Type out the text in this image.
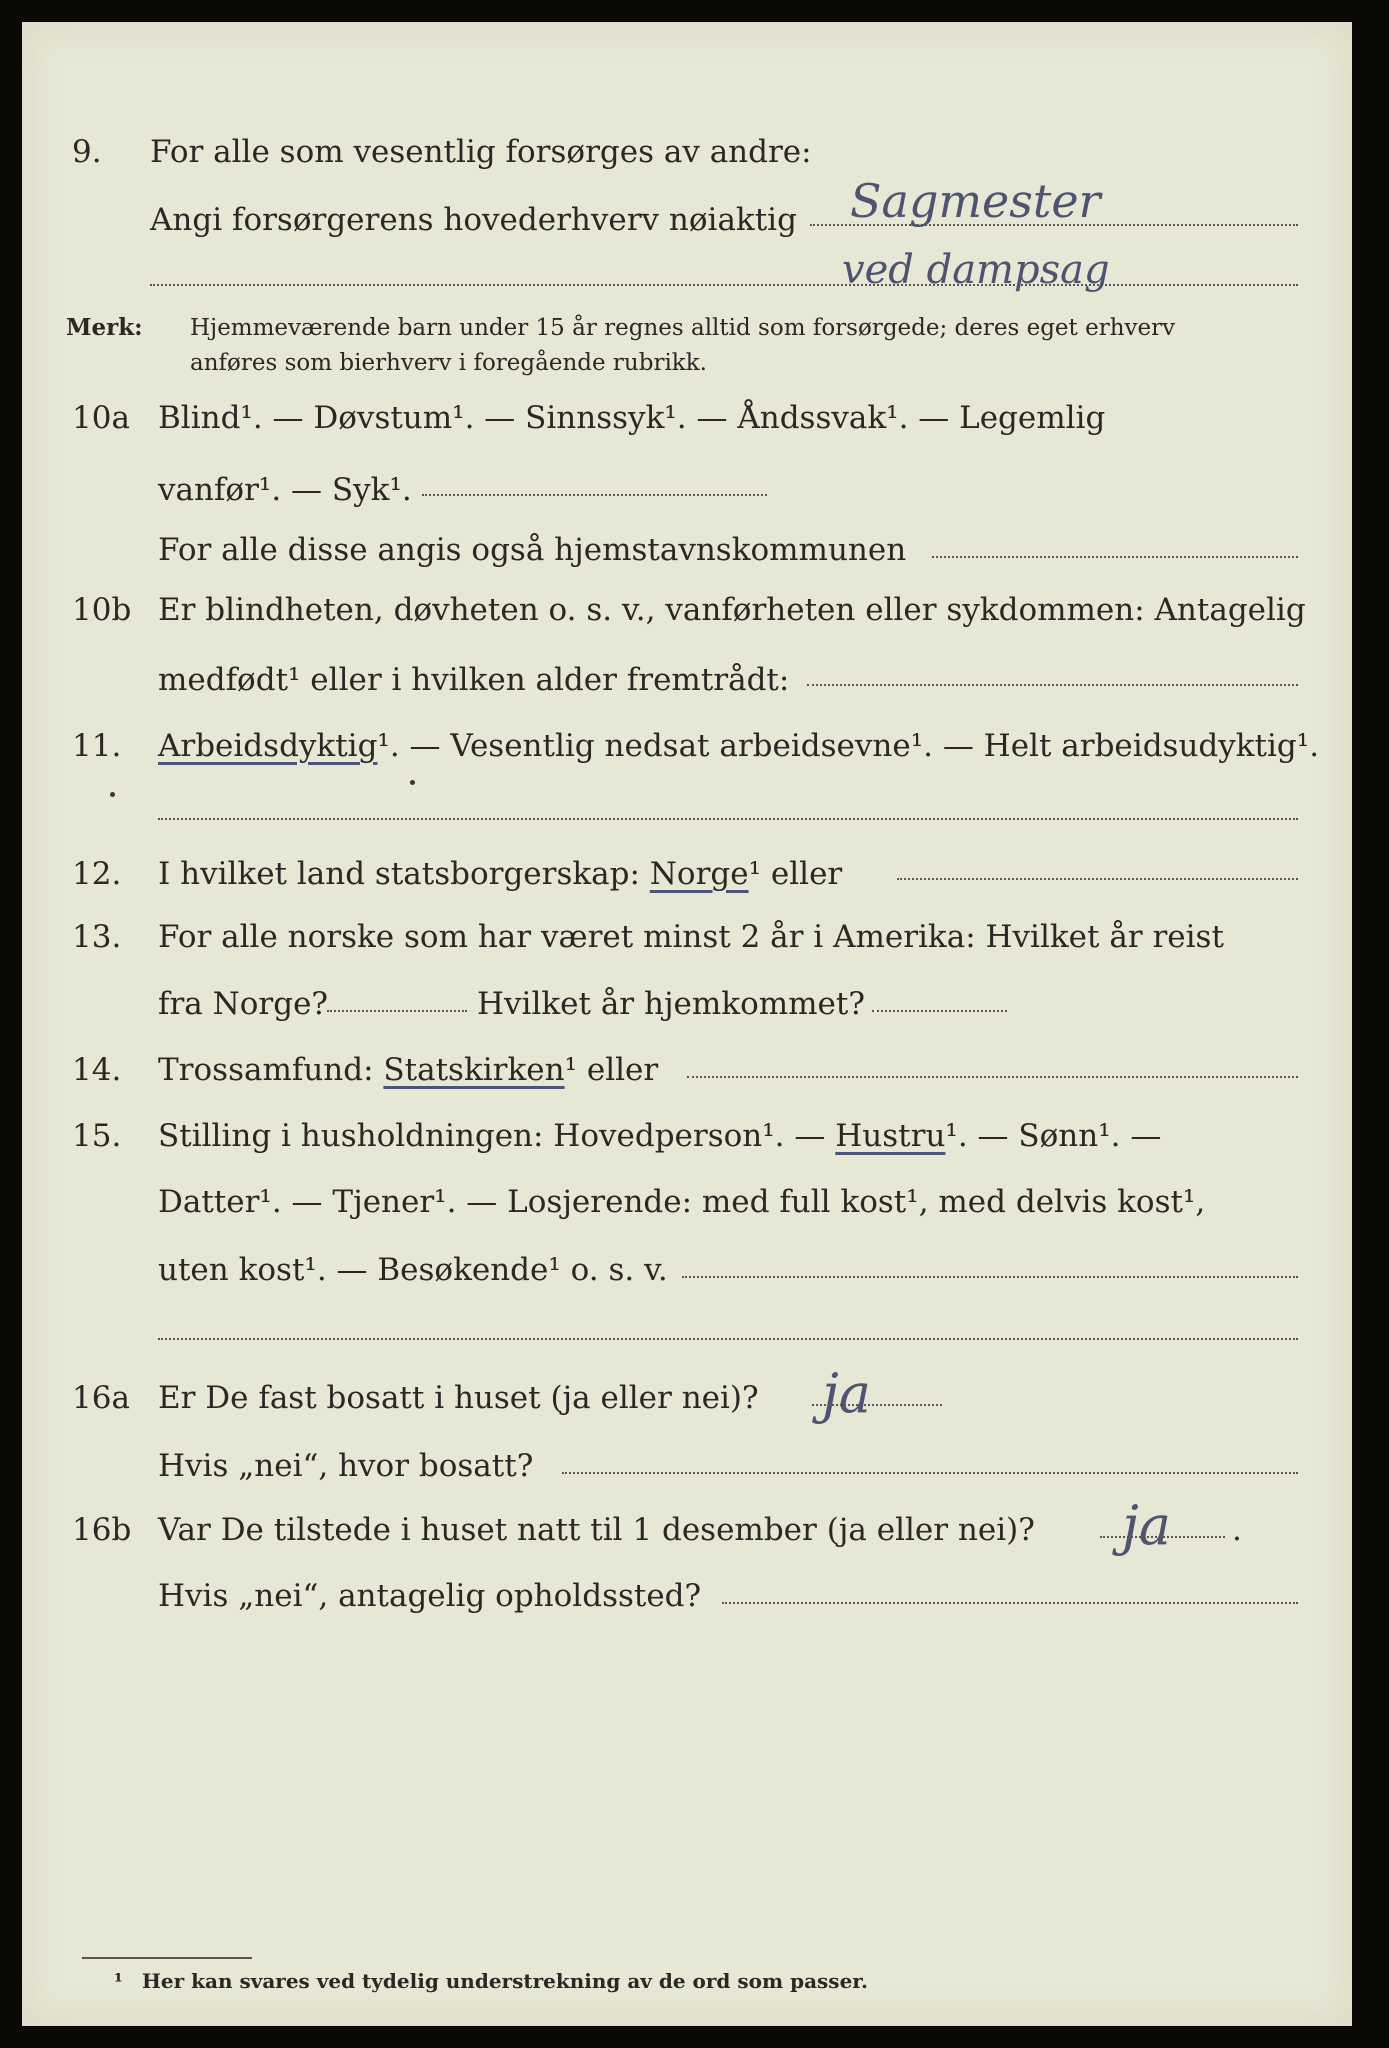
9. For alle som vesentlig forsørges av andre:
Angi forsørgerens hovederhverv nøiaktig Sagmester
ved dampsag
Merk: Hjemmeværende barn under 15 år regnes alltid som forsørgede; deres eget erhverv
anføres som bierhverv i foregående rubrikk.
10a Blind¹. — Døvstum¹. — Sinnssyk¹. — Åndssvak¹. — Legemlig
vanfør¹. — Syk¹.
For alle disse angis også hjemstavnskommunen
10b Er blindheten, døvheten o. s. v., vanførheten eller sykdommen: Antagelig
medfødt¹ eller i hvilken alder fremtrådt:
11. Arbeidsdyktig¹. — Vesentlig nedsat arbeidsevne¹. — Helt arbeidsudyktig¹.
12. I hvilket land statsborgerskap: Norge¹ eller
13. For alle norske som har været minst 2 år i Amerika: Hvilket år reist
fra Norge?	Hvilket år hjemkommet?
14. Trossamfund: Statskirken¹ eller
15. Stilling i husholdningen: Hovedperson¹. — Hustru¹. — Sønn¹. —
Datter¹. — Tjener¹. — Losjerende: med full kost¹, med delvis kost¹,
uten kost¹. — Besøkende¹ o. s. v.
16a Er De fast bosatt i huset (ja eller nei)? ja
Hvis „nei“, hvor bosatt?
16b Var De tilstede i huset natt til 1 desember (ja eller nei)?	.
ja
Hvis „nei“, antagelig opholdssted?
¹ Her kan svares ved tydelig understrekning av de ord som passer.
